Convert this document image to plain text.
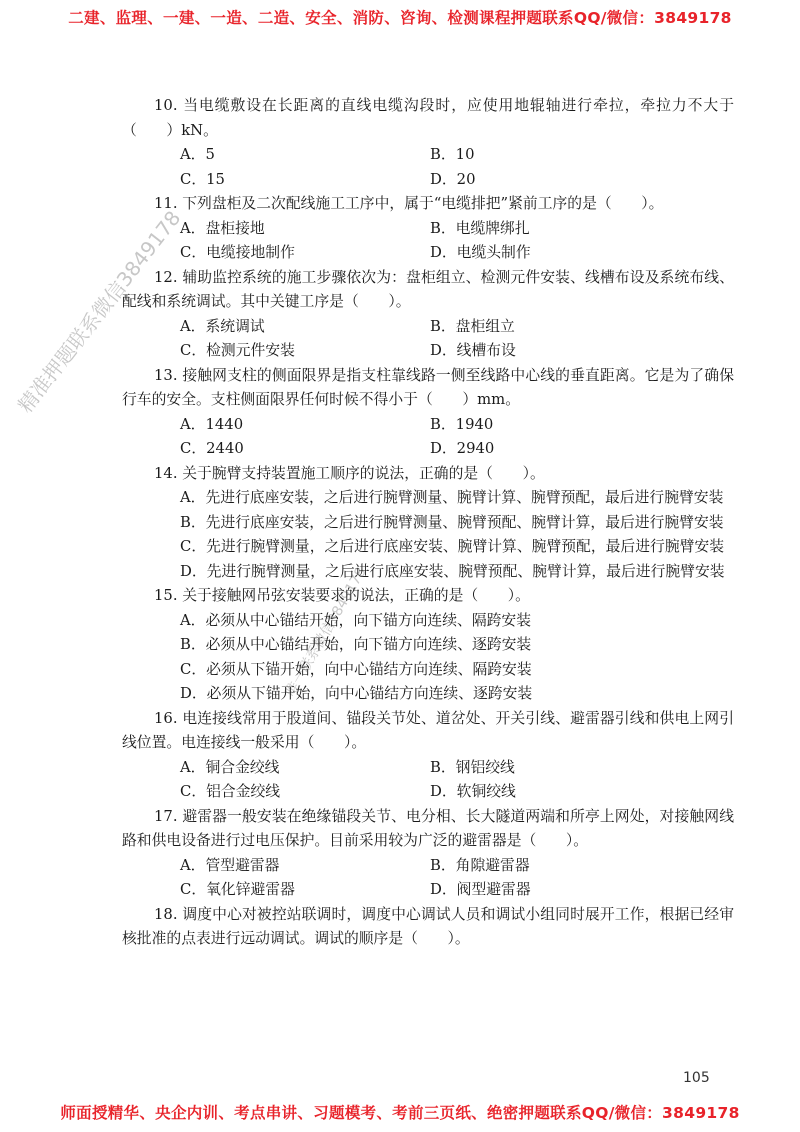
二建、监理、一建、一造、二造、安全、消防、咨询、检测课程押题联系QQ/微信：3849178
精准押题联系微信3849178
唯一联系微信3849178

10. 当电缆敷设在长距离的直线电缆沟段时，应使用地辊轴进行牵拉，牵拉力不大于（　　）kN。

A．5	B．10
C．15	D．20

11. 下列盘柜及二次配线施工工序中，属于“电缆排把”紧前工序的是（　　）。

A．盘柜接地	B．电缆牌绑扎
C．电缆接地制作	D．电缆头制作

12. 辅助监控系统的施工步骤依次为：盘柜组立、检测元件安装、线槽布设及系统布线、配线和系统调试。其中关键工序是（　　）。

A．系统调试	B．盘柜组立
C．检测元件安装	D．线槽布设

13. 接触网支柱的侧面限界是指支柱靠线路一侧至线路中心线的垂直距离。它是为了确保行车的安全。支柱侧面限界任何时候不得小于（　　）mm。

A．1440	B．1940
C．2440	D．2940

14. 关于腕臂支持装置施工顺序的说法，正确的是（　　）。

A．先进行底座安装，之后进行腕臂测量、腕臂计算、腕臂预配，最后进行腕臂安装
B．先进行底座安装，之后进行腕臂测量、腕臂预配、腕臂计算，最后进行腕臂安装
C．先进行腕臂测量，之后进行底座安装、腕臂计算、腕臂预配，最后进行腕臂安装
D．先进行腕臂测量，之后进行底座安装、腕臂预配、腕臂计算，最后进行腕臂安装

15. 关于接触网吊弦安装要求的说法，正确的是（　　）。

A．必须从中心锚结开始，向下锚方向连续、隔跨安装
B．必须从中心锚结开始，向下锚方向连续、逐跨安装
C．必须从下锚开始，向中心锚结方向连续、隔跨安装
D．必须从下锚开始，向中心锚结方向连续、逐跨安装

16. 电连接线常用于股道间、锚段关节处、道岔处、开关引线、避雷器引线和供电上网引线位置。电连接线一般采用（　　）。

A．铜合金绞线	B．钢铝绞线
C．铝合金绞线	D．软铜绞线

17. 避雷器一般安装在绝缘锚段关节、电分相、长大隧道两端和所亭上网处，对接触网线路和供电设备进行过电压保护。目前采用较为广泛的避雷器是（　　）。

A．管型避雷器	B．角隙避雷器
C．氧化锌避雷器	D．阀型避雷器

18. 调度中心对被控站联调时，调度中心调试人员和调试小组同时展开工作，根据已经审核批准的点表进行远动调试。调试的顺序是（　　）。

105
师面授精华、央企内训、考点串讲、习题模考、考前三页纸、绝密押题联系QQ/微信：3849178
